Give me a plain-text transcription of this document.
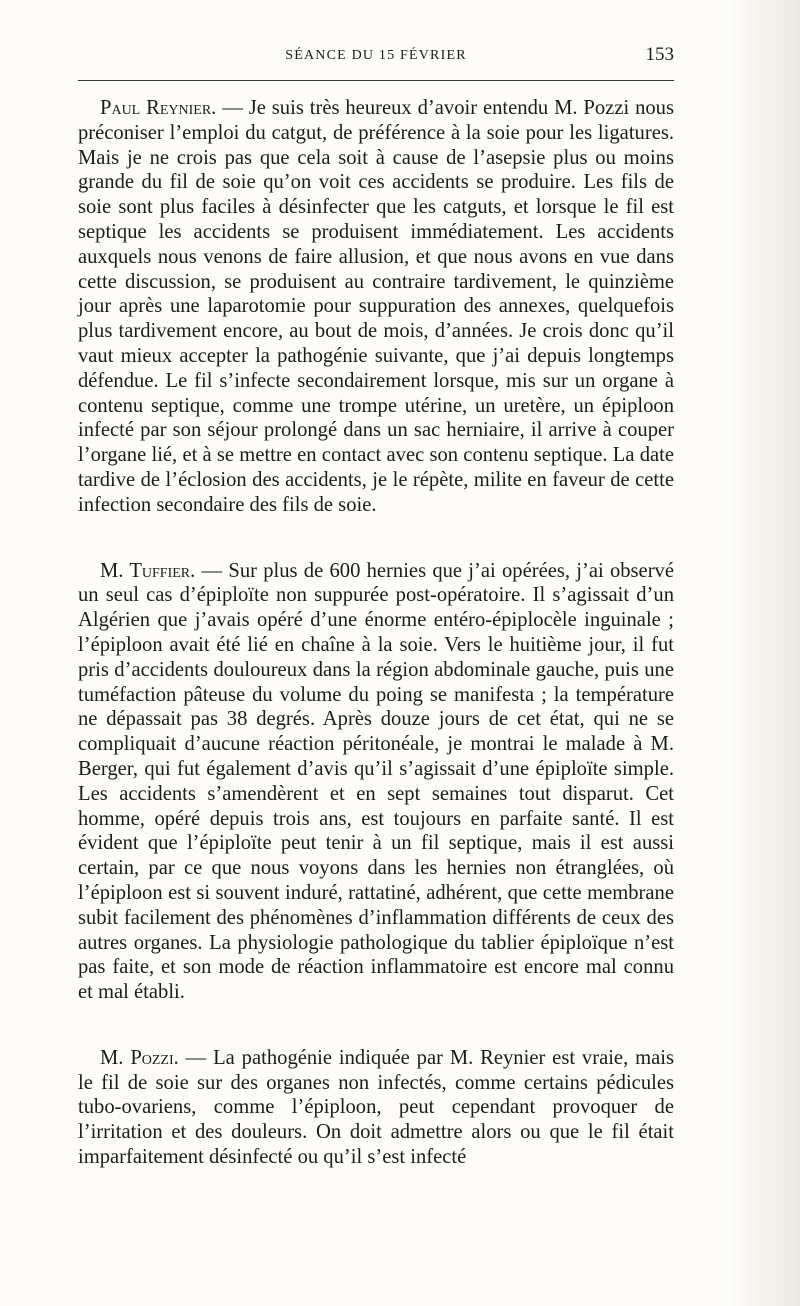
SÉANCE DU 15 FÉVRIER	153

Paul Reynier. — Je suis très heureux d’avoir entendu M. Pozzi nous préconiser l’emploi du catgut, de préférence à la soie pour les ligatures. Mais je ne crois pas que cela soit à cause de l’asepsie plus ou moins grande du fil de soie qu’on voit ces accidents se produire. Les fils de soie sont plus faciles à désinfecter que les catguts, et lorsque le fil est septique les accidents se produisent immédiatement. Les accidents auxquels nous venons de faire allusion, et que nous avons en vue dans cette discussion, se produisent au contraire tardivement, le quinzième jour après une laparotomie pour suppuration des annexes, quelquefois plus tardivement encore, au bout de mois, d’années. Je crois donc qu’il vaut mieux accepter la pathogénie suivante, que j’ai depuis longtemps défendue. Le fil s’infecte secondairement lorsque, mis sur un organe à contenu septique, comme une trompe utérine, un uretère, un épiploon infecté par son séjour prolongé dans un sac herniaire, il arrive à couper l’organe lié, et à se mettre en contact avec son contenu septique. La date tardive de l’éclosion des accidents, je le répète, milite en faveur de cette infection secondaire des fils de soie.

M. Tuffier. — Sur plus de 600 hernies que j’ai opérées, j’ai observé un seul cas d’épiploïte non suppurée post-opératoire. Il s’agissait d’un Algérien que j’avais opéré d’une énorme entéro-épiplocèle inguinale ; l’épiploon avait été lié en chaîne à la soie. Vers le huitième jour, il fut pris d’accidents douloureux dans la région abdominale gauche, puis une tuméfaction pâteuse du volume du poing se manifesta ; la température ne dépassait pas 38 degrés. Après douze jours de cet état, qui ne se compliquait d’aucune réaction péritonéale, je montrai le malade à M. Berger, qui fut également d’avis qu’il s’agissait d’une épiploïte simple. Les accidents s’amendèrent et en sept semaines tout disparut. Cet homme, opéré depuis trois ans, est toujours en parfaite santé. Il est évident que l’épiploïte peut tenir à un fil septique, mais il est aussi certain, par ce que nous voyons dans les hernies non étranglées, où l’épiploon est si souvent induré, rattatiné, adhérent, que cette membrane subit facilement des phénomènes d’inflammation différents de ceux des autres organes. La physiologie pathologique du tablier épiploïque n’est pas faite, et son mode de réaction inflammatoire est encore mal connu et mal établi.

M. Pozzi. — La pathogénie indiquée par M. Reynier est vraie, mais le fil de soie sur des organes non infectés, comme certains pédicules tubo-ovariens, comme l’épiploon, peut cependant provoquer de l’irritation et des douleurs. On doit admettre alors ou que le fil était imparfaitement désinfecté ou qu’il s’est infecté
